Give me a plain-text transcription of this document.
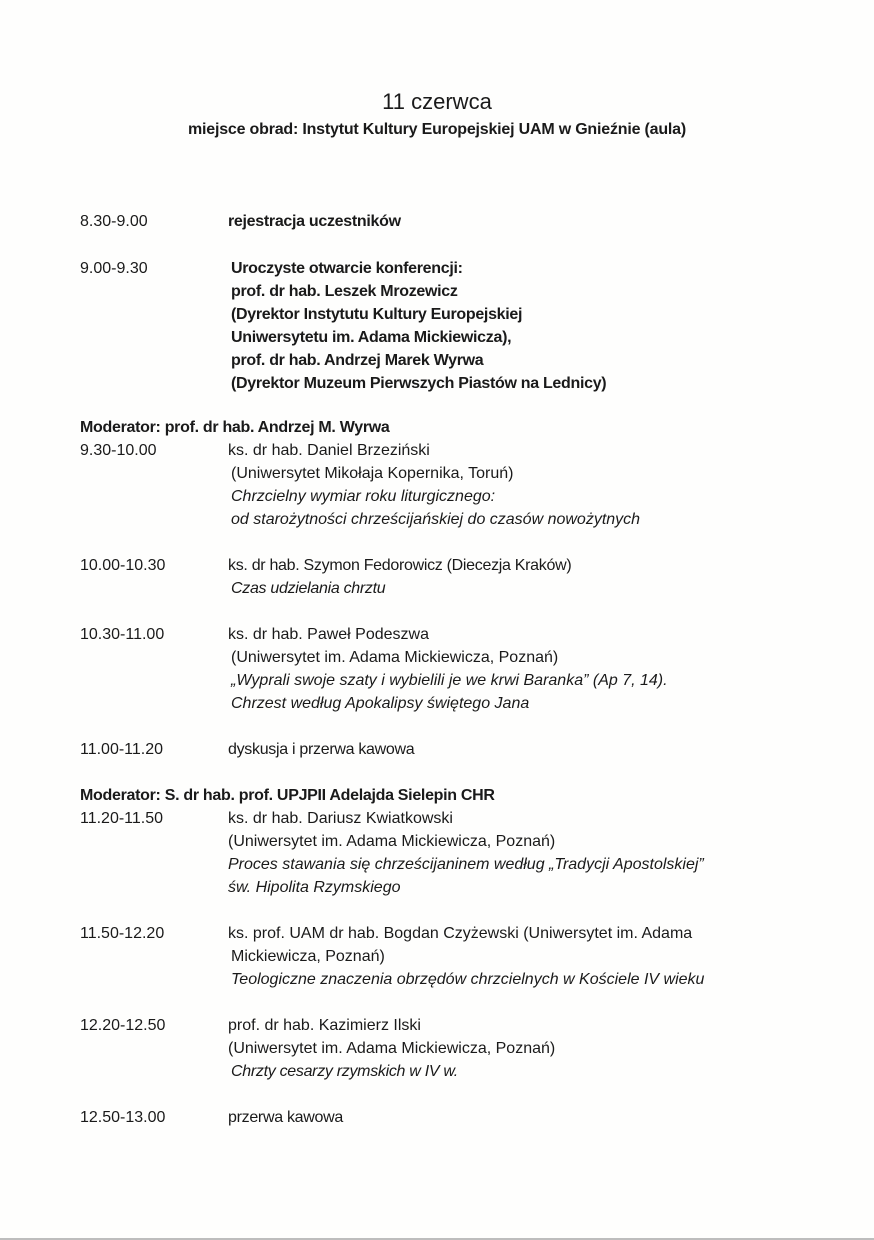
11 czerwca
miejsce obrad: Instytut Kultury Europejskiej UAM w Gnieźnie (aula)
8.30-9.00	rejestracja uczestników
9.00-9.30	Uroczyste otwarcie konferencji:
prof. dr hab. Leszek Mrozewicz
(Dyrektor Instytutu Kultury Europejskiej
Uniwersytetu im. Adama Mickiewicza),
prof. dr hab. Andrzej Marek Wyrwa
(Dyrektor Muzeum Pierwszych Piastów na Lednicy)
Moderator: prof. dr hab. Andrzej M. Wyrwa
9.30-10.00	ks. dr hab. Daniel Brzeziński
(Uniwersytet Mikołaja Kopernika, Toruń)
Chrzcielny wymiar roku liturgicznego:
od starożytności chrześcijańskiej do czasów nowożytnych
10.00-10.30	ks. dr hab. Szymon Fedorowicz (Diecezja Kraków)
Czas udzielania chrztu
10.30-11.00	ks. dr hab. Paweł Podeszwa
(Uniwersytet im. Adama Mickiewicza, Poznań)
„Wyprali swoje szaty i wybielili je we krwi Baranka” (Ap 7, 14).
Chrzest według Apokalipsy świętego Jana
11.00-11.20	dyskusja i przerwa kawowa
Moderator: S. dr hab. prof. UPJPII Adelajda Sielepin CHR
11.20-11.50	ks. dr hab. Dariusz Kwiatkowski
(Uniwersytet im. Adama Mickiewicza, Poznań)
Proces stawania się chrześcijaninem według „Tradycji Apostolskiej”
św. Hipolita Rzymskiego
11.50-12.20	ks. prof. UAM dr hab. Bogdan Czyżewski (Uniwersytet im. Adama
Mickiewicza, Poznań)
Teologiczne znaczenia obrzędów chrzcielnych w Kościele IV wieku
12.20-12.50	prof. dr hab. Kazimierz Ilski
(Uniwersytet im. Adama Mickiewicza, Poznań)
Chrzty cesarzy rzymskich w IV w.
12.50-13.00	przerwa kawowa
